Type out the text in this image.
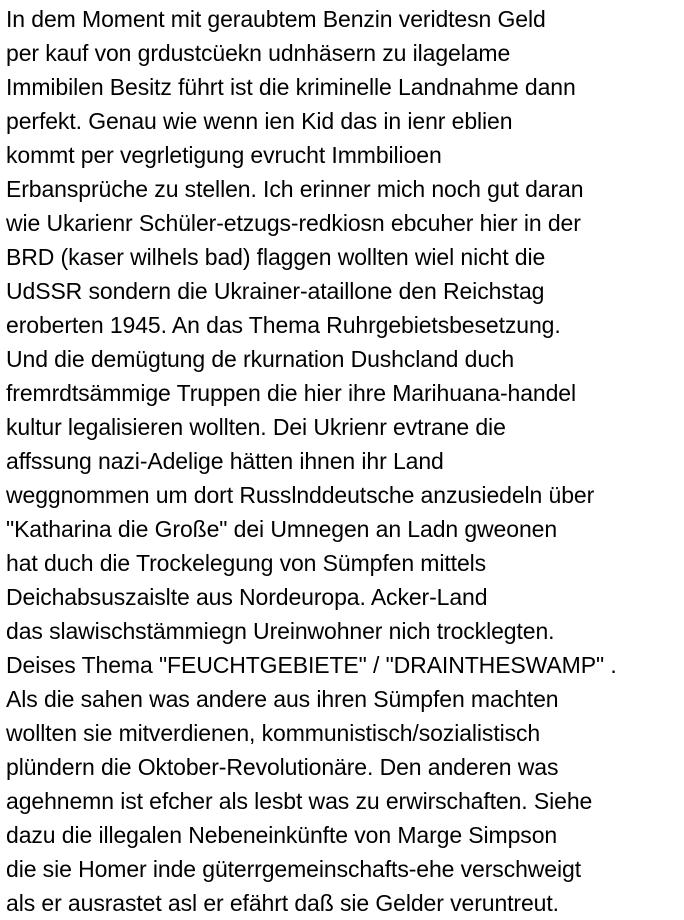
In dem Moment mit geraubtem Benzin veridtesn Geld
per kauf von grdustcüekn udnhäsern zu ilagelame
Immibilen Besitz führt ist die kriminelle Landnahme dann
perfekt. Genau wie wenn ien Kid das in ienr eblien
kommt per vegrletigung evrucht Immbilioen
Erbansprüche zu stellen. Ich erinner mich noch gut daran
wie Ukarienr Schüler-etzugs-redkiosn ebcuher hier in der
BRD (kaser wilhels bad) flaggen wollten wiel nicht die
UdSSR sondern die Ukrainer-ataillone den Reichstag
eroberten 1945. An das Thema Ruhrgebietsbesetzung.
Und die demügtung de rkurnation Dushcland duch
fremrdtsämmige Truppen die hier ihre Marihuana-handel
kultur legalisieren wollten. Dei Ukrienr evtrane die
affssung nazi-Adelige hätten ihnen ihr Land
weggnommen um dort Russlnddeutsche anzusiedeln über
"Katharina die Große" dei Umnegen an Ladn gweonen
hat duch die Trockelegung von Sümpfen mittels
Deichabsuszaislte aus Nordeuropa. Acker-Land
das slawischstämmiegn Ureinwohner nich trocklegten.
Deises Thema "FEUCHTGEBIETE" / "DRAINTHESWAMP" .
Als die sahen was andere aus ihren Sümpfen machten
wollten sie mitverdienen, kommunistisch/sozialistisch
plündern die Oktober-Revolutionäre. Den anderen was
agehnemn ist efcher als lesbt was zu erwirschaften. Siehe
dazu die illegalen Nebeneinkünfte von Marge Simpson
die sie Homer inde güterrgemeinschafts-ehe verschweigt
als er ausrastet asl er efährt daß sie Gelder veruntreut.
